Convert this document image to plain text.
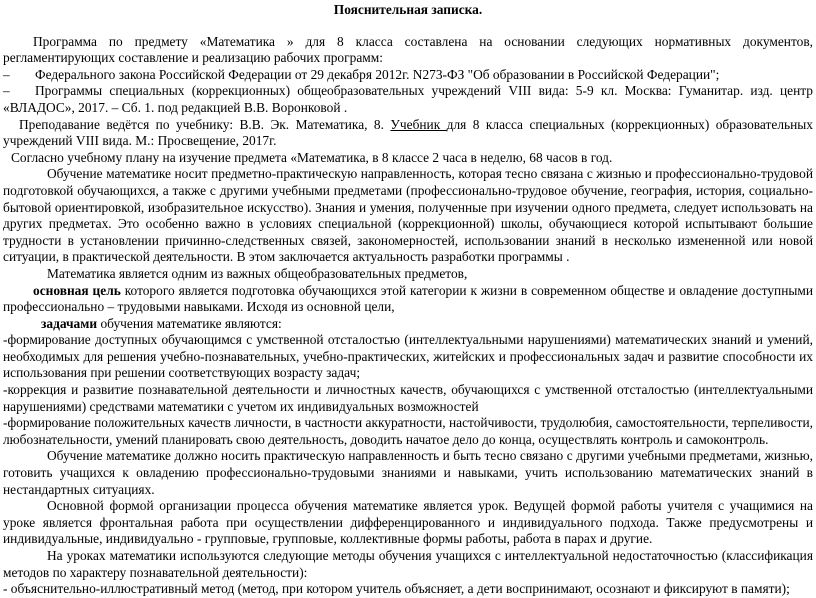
Пояснительная записка.

Программа по предмету «Математика » для 8 класса составлена на основании следующих нормативных документов, регламентирующих составление и реализацию рабочих программ:

– Федерального закона Российской Федерации от 29 декабря 2012г. N273-ФЗ "Об образовании в Российской Федерации";

– Программы специальных (коррекционных) общеобразовательных учреждений VIII вида: 5-9 кл. Москва: Гуманитар. изд. центр «ВЛАДОС», 2017. – Сб. 1. под редакцией В.В. Воронковой .

Преподавание ведётся по учебнику: В.В. Эк. Математика, 8. Учебник для 8 класса специальных (коррекционных) образовательных учреждений VIII вида. М.: Просвещение, 2017г.

Согласно учебному плану на изучение предмета «Математика, в 8 классе 2 часа в неделю, 68 часов в год.

Обучение математике носит предметно-практическую направленность, которая тесно связана с жизнью и профессионально-трудовой подготовкой обучающихся, а также с другими учебными предметами (профессионально-трудовое обучение, география, история, социально-бытовой ориентировкой, изобразительное искусство). Знания и умения, полученные при изучении одного предмета, следует использовать на других предметах. Это особенно важно в условиях специальной (коррекционной) школы, обучающиеся которой испытывают большие трудности в установлении причинно-следственных связей, закономерностей, использовании знаний в несколько измененной или новой ситуации, в практической деятельности. В этом заключается актуальность разработки программы .

Математика является одним из важных общеобразовательных предметов,

основная цель которого является подготовка обучающихся этой категории к жизни в современном обществе и овладение доступными профессионально – трудовыми навыками. Исходя из основной цели,

задачами обучения математике являются:

-формирование доступных обучающимся с умственной отсталостью (интеллектуальными нарушениями) математических знаний и умений, необходимых для решения учебно-познавательных, учебно-практических, житейских и профессиональных задач и развитие способности их использования при решении соответствующих возрасту задач;

-коррекция и развитие познавательной деятельности и личностных качеств, обучающихся с умственной отсталостью (интеллектуальными нарушениями) средствами математики с учетом их индивидуальных возможностей

-формирование положительных качеств личности, в частности аккуратности, настойчивости, трудолюбия, самостоятельности, терпеливости, любознательности, умений планировать свою деятельность, доводить начатое дело до конца, осуществлять контроль и самоконтроль.

Обучение математике должно носить практическую направленность и быть тесно связано с другими учебными предметами, жизнью, готовить учащихся к овладению профессионально-трудовыми знаниями и навыками, учить использованию математических знаний в нестандартных ситуациях.

Основной формой организации процесса обучения математике является урок. Ведущей формой работы учителя с учащимися на уроке является фронтальная работа при осуществлении дифференцированного и индивидуального подхода. Также предусмотрены и индивидуальные, индивидуально - групповые, групповые, коллективные формы работы, работа в парах и другие.

На уроках математики используются следующие методы обучения учащихся с интеллектуальной недостаточностью (классификация методов по характеру познавательной деятельности):

- объяснительно-иллюстративный метод (метод, при котором учитель объясняет, а дети воспринимают, осознают и фиксируют в памяти);
